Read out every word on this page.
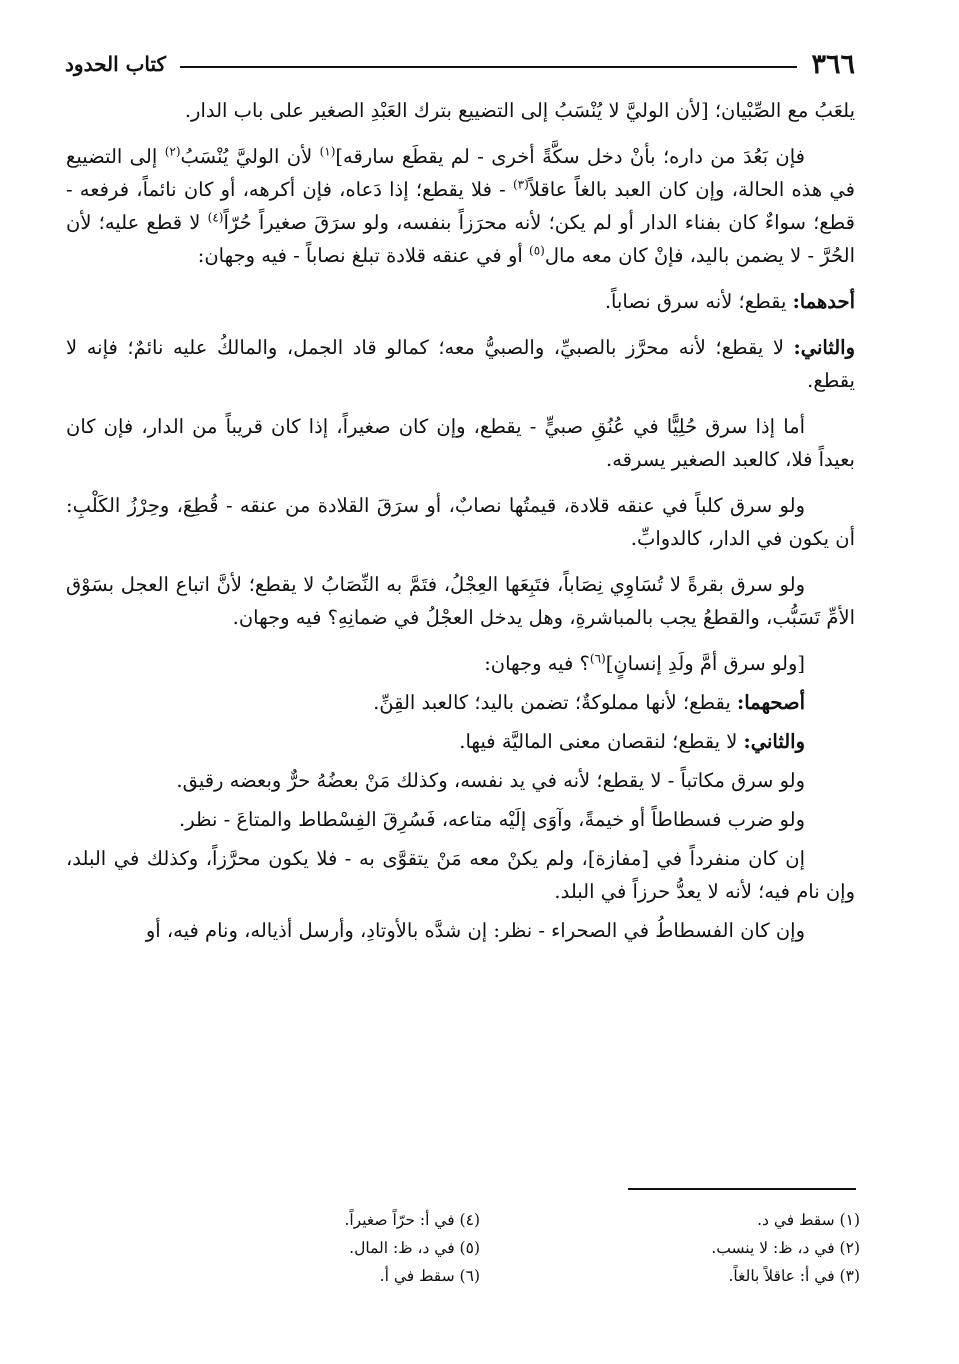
٣٦٦
كتاب الحدود

يلعَبُ مع الصِّبْيان؛ [لأن الوليَّ لا يُنْسَبُ إلى التضييع بترك العَبْدِ الصغير على باب الدار.

فإن بَعُدَ من داره؛ بأنْ دخل سكَّةً أخرى - لم يقطَع سارقه]$^{(١)}$ لأن الوليَّ يُنْسَبُ$^{(٢)}$ إلى التضييع في هذه الحالة، وإن كان العبد بالغاً عاقلاً$^{(٣)}$ - فلا يقطع؛ إذا دَعاه، فإن أكرهه، أو كان نائماً، فرفعه - قطع؛ سواءٌ كان بفناء الدار أو لم يكن؛ لأنه محرَزاً بنفسه، ولو سرَقَ صغيراً حُرّاً$^{(٤)}$ لا قطع عليه؛ لأن الحُرَّ - لا يضمن باليد، فإنْ كان معه مال$^{(٥)}$ أو في عنقه قلادة تبلغ نصاباً - فيه وجهان:

أحدهما: يقطع؛ لأنه سرق نصاباً.

والثاني: لا يقطع؛ لأنه محرَّز بالصبيِّ، والصبيُّ معه؛ كمالو قاد الجمل، والمالكُ عليه نائمٌ؛ فإنه لا يقطع.

أما إذا سرق حُلِيًّا في عُنُقِ صبيٍّ - يقطع، وإن كان صغيراً، إذا كان قريباً من الدار، فإن كان بعيداً فلا، كالعبد الصغير يسرقه.

ولو سرق كلباً في عنقه قلادة، قيمتُها نصابٌ، أو سرَقَ القلادة من عنقه - قُطِعَ، وحِرْزُ الكَلْبِ: أن يكون في الدار، كالدوابِّ.

ولو سرق بقرةً لا تُسَاوِي نِصَاباً، فتَبِعَها العِجْلُ، فتَمَّ به النِّصَابُ لا يقطع؛ لأنَّ اتباع العجل بسَوْق الأمِّ تَسَبُّب، والقطعُ يجب بالمباشرةِ، وهل يدخل العجْلُ في ضمانِهِ؟ فيه وجهان.

[ولو سرق أمَّ ولَدِ إنسانٍ]$^{(٦)}$؟ فيه وجهان:

أصحهما: يقطع؛ لأنها مملوكةٌ؛ تضمن باليد؛ كالعبد القِنِّ.

والثاني: لا يقطع؛ لنقصان معنى الماليَّة فيها.

ولو سرق مكاتباً - لا يقطع؛ لأنه في يد نفسه، وكذلك مَنْ بعضُهُ حرٌّ وبعضه رقيق.

ولو ضرب فسطاطاً أو خيمةً، وآوَى إلَيْه متاعه، فَسُرِقَ الفِسْطاط والمتاعَ - نظر.

إن كان منفرداً في [مفازة]، ولم يكنْ معه مَنْ يتقوَّى به - فلا يكون محرَّزاً، وكذلك في البلد، وإن نام فيه؛ لأنه لا يعدُّ حرزاً في البلد.

وإن كان الفسطاطُ في الصحراء - نظر: إن شدَّه بالأوتادِ، وأرسل أذياله، ونام فيه، أو

(١) سقط في د.
(٢) في د، ظ: لا ينسب.
(٣) في أ: عاقلاً بالغاً.
(٤) في أ: حرّاً صغيراً.
(٥) في د، ظ: المال.
(٦) سقط في أ.
